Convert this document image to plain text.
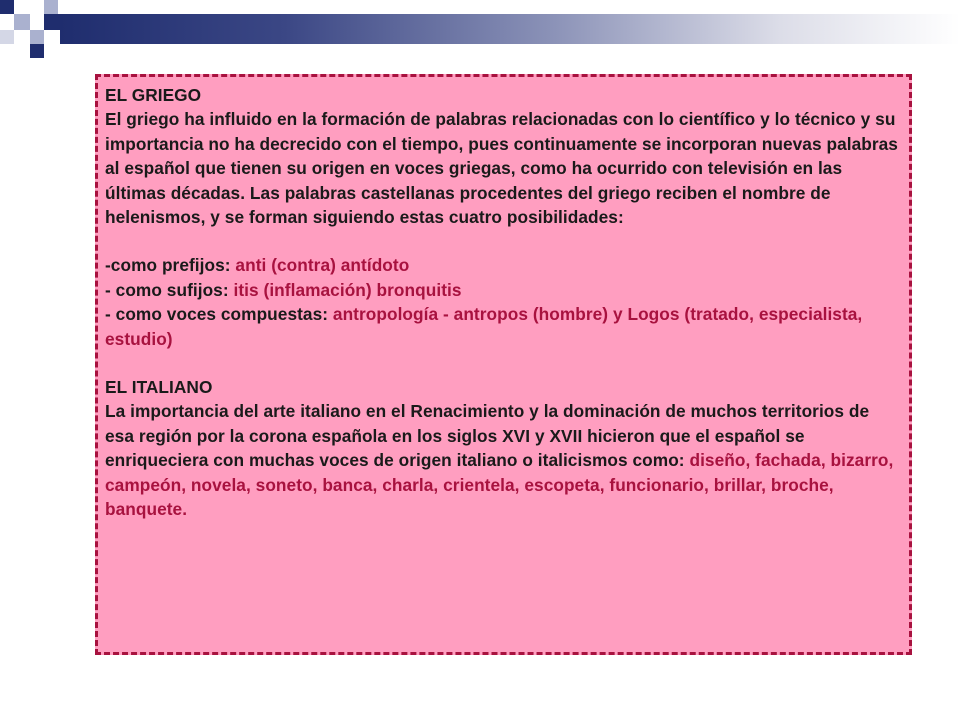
EL GRIEGO

El griego ha influido en la formación de palabras relacionadas con lo científico y lo técnico y su importancia no ha decrecido con el tiempo, pues continuamente se incorporan nuevas palabras al español que tienen su origen en voces griegas, como ha ocurrido con televisión en las últimas décadas. Las palabras castellanas procedentes del griego reciben el nombre de helenismos, y se forman siguiendo estas cuatro posibilidades:

-como prefijos: anti (contra) antídoto

- como sufijos: itis (inflamación) bronquitis

- como voces compuestas: antropología - antropos (hombre) y Logos (tratado, especialista, estudio)

EL ITALIANO

La importancia del arte italiano en el Renacimiento y la dominación de muchos territorios de esa región por la corona española en los siglos XVI y XVII hicieron que el español se enriqueciera con muchas voces de origen italiano o italicismos como: diseño, fachada, bizarro, campeón, novela, soneto, banca, charla, crientela, escopeta, funcionario, brillar, broche, banquete.
